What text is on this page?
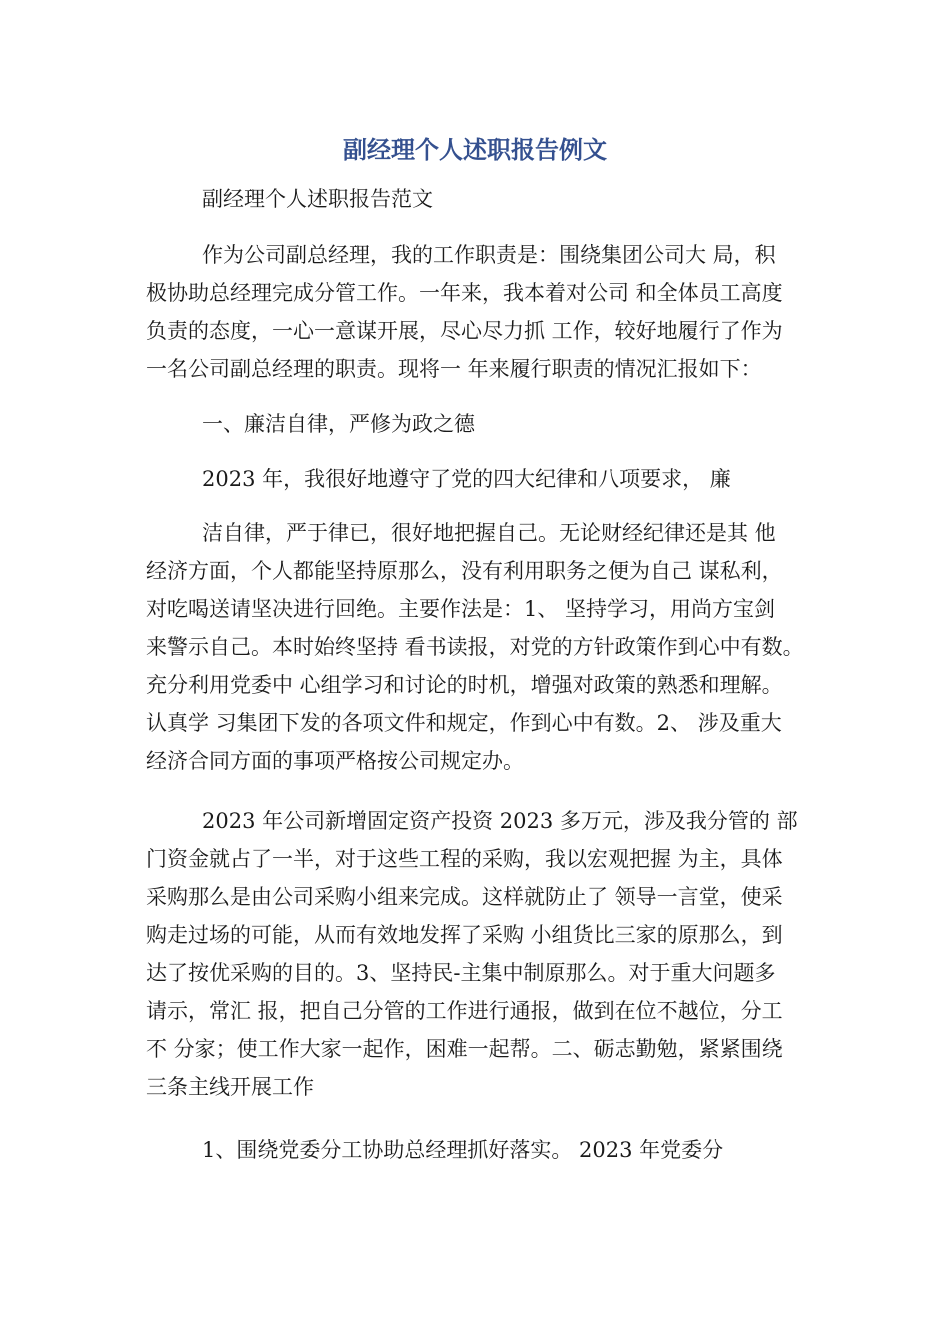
副经理个人述职报告例文

副经理个人述职报告范文

作为公司副总经理，我的工作职责是：围绕集团公司大 局，积
极协助总经理完成分管工作。一年来，我本着对公司 和全体员工高度
负责的态度，一心一意谋开展，尽心尽力抓 工作，较好地履行了作为
一名公司副总经理的职责。现将一 年来履行职责的情况汇报如下：

一、廉洁自律，严修为政之德

2023 年，我很好地遵守了党的四大纪律和八项要求， 廉

洁自律，严于律已，很好地把握自己。无论财经纪律还是其 他
经济方面，个人都能坚持原那么，没有利用职务之便为自己 谋私利，
对吃喝送请坚决进行回绝。主要作法是：1、 坚持学习，用尚方宝剑
来警示自己。本时始终坚持 看书读报，对党的方针政策作到心中有数。
充分利用党委中 心组学习和讨论的时机，增强对政策的熟悉和理解。
认真学 习集团下发的各项文件和规定，作到心中有数。2、 涉及重大
经济合同方面的事项严格按公司规定办。

2023 年公司新增固定资产投资 2023 多万元，涉及我分管的 部
门资金就占了一半，对于这些工程的采购，我以宏观把握 为主，具体
采购那么是由公司采购小组来完成。这样就防止了 领导一言堂，使采
购走过场的可能，从而有效地发挥了采购 小组货比三家的原那么，到
达了按优采购的目的。3、坚持民-主集中制原那么。对于重大问题多
请示，常汇 报，把自己分管的工作进行通报，做到在位不越位，分工
不 分家；使工作大家一起作，困难一起帮。二、砺志勤勉，紧紧围绕
三条主线开展工作

1、围绕党委分工协助总经理抓好落实。 2023 年党委分
